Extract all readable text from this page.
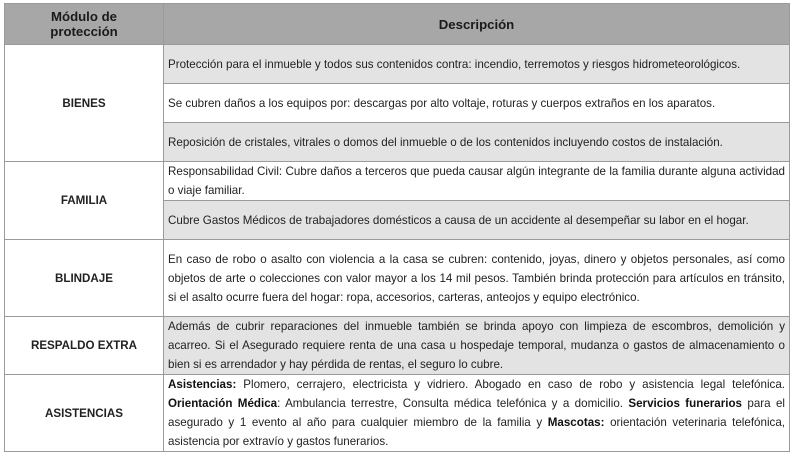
Módulo de
protección	Descripción
BIENES	Protección para el inmueble y todos sus contenidos contra: incendio, terremotos y riesgos hidrometeorológicos.
	Se cubren daños a los equipos por: descargas por alto voltaje, roturas y cuerpos extraños en los aparatos.
	Reposición de cristales, vitrales o domos del inmueble o de los contenidos incluyendo costos de instalación.
FAMILIA	Responsabilidad Civil: Cubre daños a terceros que pueda causar algún integrante de la familia durante alguna actividad o viaje familiar.
	Cubre Gastos Médicos de trabajadores domésticos a causa de un accidente al desempeñar su labor en el hogar.
BLINDAJE	En caso de robo o asalto con violencia a la casa se cubren: contenido, joyas, dinero y objetos personales, así como objetos de arte o colecciones con valor mayor a los 14 mil pesos. También brinda protección para artículos en tránsito, si el asalto ocurre fuera del hogar: ropa, accesorios, carteras, anteojos y equipo electrónico.
RESPALDO EXTRA	Además de cubrir reparaciones del inmueble también se brinda apoyo con limpieza de escombros, demolición y acarreo. Si el Asegurado requiere renta de una casa u hospedaje temporal, mudanza o gastos de almacenamiento o bien si es arrendador y hay pérdida de rentas, el seguro lo cubre.
ASISTENCIAS	Asistencias: Plomero, cerrajero, electricista y vidriero. Abogado en caso de robo y asistencia legal telefónica. Orientación Médica: Ambulancia terrestre, Consulta médica telefónica y a domicilio. Servicios funerarios para el asegurado y 1 evento al año para cualquier miembro de la familia y Mascotas: orientación veterinaria telefónica, asistencia por extravío y gastos funerarios.
